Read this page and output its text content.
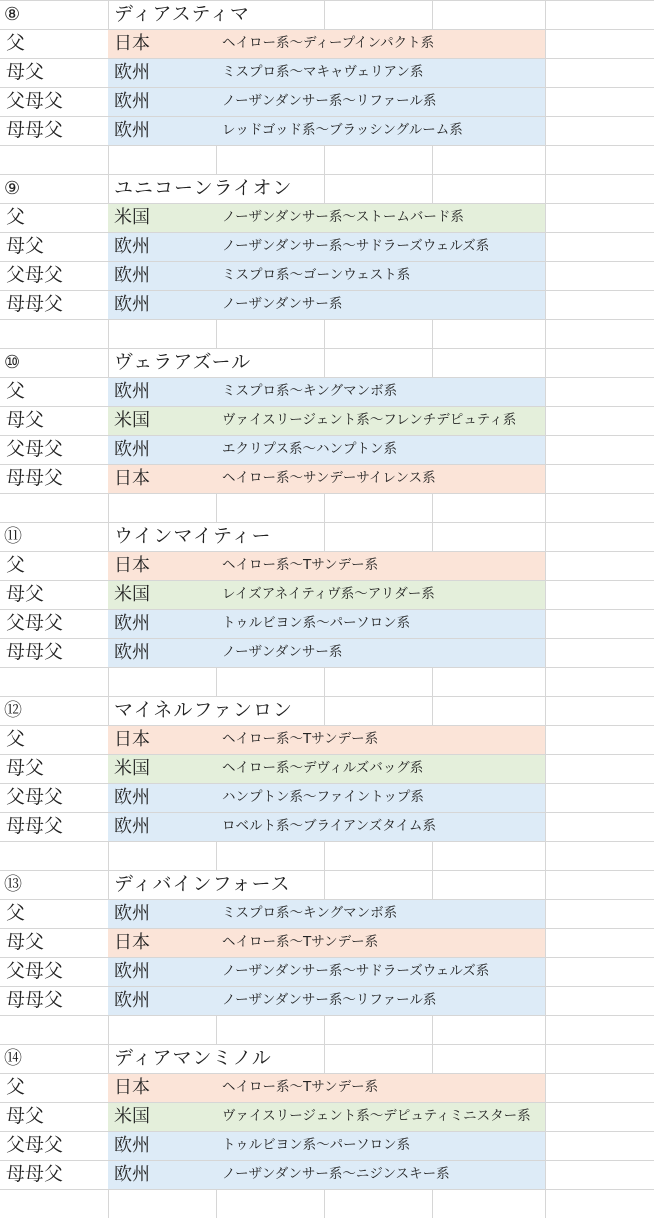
⑧	ディアスティマ
父	日本	ヘイロー系～ディープインパクト系
母父	欧州	ミスプロ系～マキャヴェリアン系
父母父	欧州	ノーザンダンサー系～リファール系
母母父	欧州	レッドゴッド系～ブラッシングルーム系
⑨	ユニコーンライオン
父	米国	ノーザンダンサー系～ストームバード系
母父	欧州	ノーザンダンサー系～サドラーズウェルズ系
父母父	欧州	ミスプロ系～ゴーンウェスト系
母母父	欧州	ノーザンダンサー系
⑩	ヴェラアズール
父	欧州	ミスプロ系～キングマンボ系
母父	米国	ヴァイスリージェント系～フレンチデピュティ系
父母父	欧州	エクリプス系～ハンプトン系
母母父	日本	ヘイロー系～サンデーサイレンス系
⑪	ウインマイティー
父	日本	ヘイロー系～Tサンデー系
母父	米国	レイズアネイティヴ系～アリダー系
父母父	欧州	トゥルビヨン系～パーソロン系
母母父	欧州	ノーザンダンサー系
⑫	マイネルファンロン
父	日本	ヘイロー系～Tサンデー系
母父	米国	ヘイロー系～デヴィルズバッグ系
父母父	欧州	ハンプトン系～ファイントップ系
母母父	欧州	ロベルト系～ブライアンズタイム系
⑬	ディバインフォース
父	欧州	ミスプロ系～キングマンボ系
母父	日本	ヘイロー系～Tサンデー系
父母父	欧州	ノーザンダンサー系～サドラーズウェルズ系
母母父	欧州	ノーザンダンサー系～リファール系
⑭	ディアマンミノル
父	日本	ヘイロー系～Tサンデー系
母父	米国	ヴァイスリージェント系～デピュティミニスター系
父母父	欧州	トゥルビヨン系～パーソロン系
母母父	欧州	ノーザンダンサー系～ニジンスキー系
